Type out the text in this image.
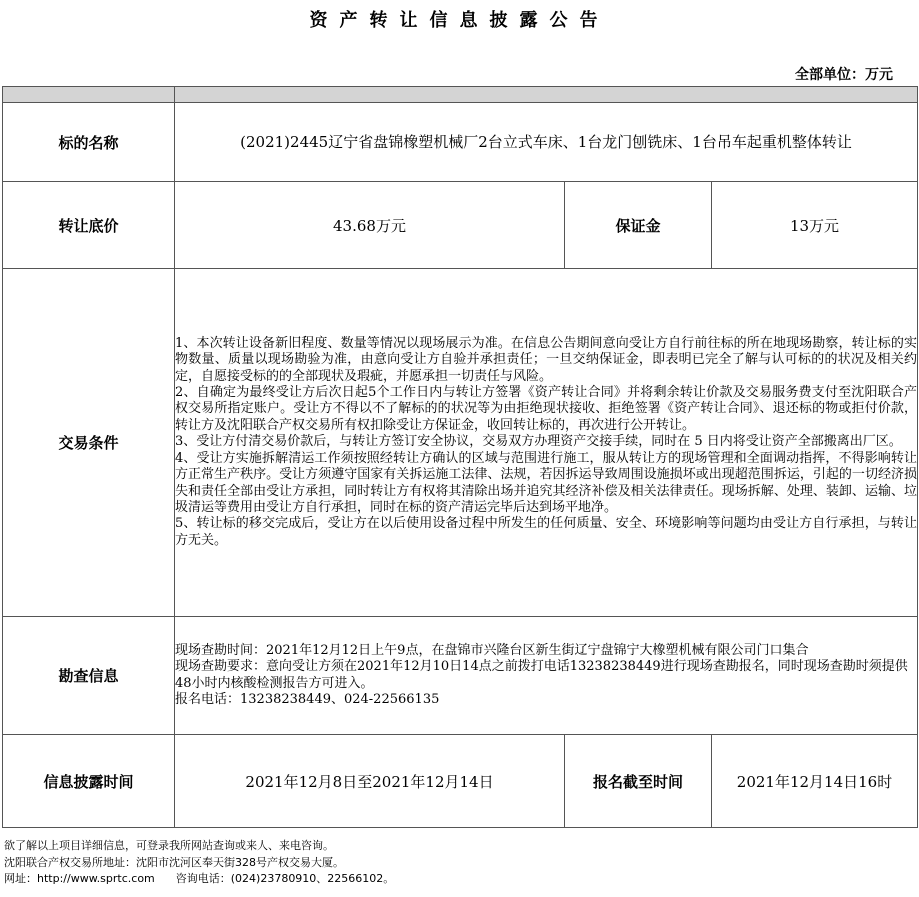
资产转让信息披露公告
全部单位：万元

标的名称	(2021)2445辽宁省盘锦橡塑机械厂2台立式车床、1台龙门刨铣床、1台吊车起重机整体转让		
转让底价	43.68万元	保证金	13万元
交易条件	1、本次转让设备新旧程度、数量等情况以现场展示为准。在信息公告期间意向受让方自行前往标的所在地现场勘察，转让标的实物数量、质量以现场勘验为准，由意向受让方自验并承担责任；一旦交纳保证金，即表明已完全了解与认可标的的状况及相关约定，自愿接受标的的全部现状及瑕疵，并愿承担一切责任与风险。

2、自确定为最终受让方后次日起5个工作日内与转让方签署《资产转让合同》并将剩余转让价款及交易服务费支付至沈阳联合产权交易所指定账户。受让方不得以不了解标的的状况等为由拒绝现状接收、拒绝签署《资产转让合同》、退还标的物或拒付价款，转让方及沈阳联合产权交易所有权扣除受让方保证金，收回转让标的，再次进行公开转让。

3、受让方付清交易价款后，与转让方签订安全协议，交易双方办理资产交接手续，同时在 5 日内将受让资产全部搬离出厂区。

4、受让方实施拆解清运工作须按照经转让方确认的区域与范围进行施工，服从转让方的现场管理和全面调动指挥，不得影响转让方正常生产秩序。受让方须遵守国家有关拆运施工法律、法规，若因拆运导致周围设施损坏或出现超范围拆运，引起的一切经济损失和责任全部由受让方承担，同时转让方有权将其清除出场并追究其经济补偿及相关法律责任。现场拆解、处理、装卸、运输、垃圾清运等费用由受让方自行承担，同时在标的资产清运完毕后达到场平地净。

5、转让标的移交完成后，受让方在以后使用设备过程中所发生的任何质量、安全、环境影响等问题均由受让方自行承担，与转让方无关。		

勘查信息	现场查勘时间：2021年12月12日上午9点，在盘锦市兴隆台区新生街辽宁盘锦宁大橡塑机械有限公司门口集合

现场查勘要求：意向受让方须在2021年12月10日14点之前拨打电话13238238449进行现场查勘报名，同时现场查勘时须提供48小时内核酸检测报告方可进入。

报名电话：13238238449、024-22566135		

信息披露时间	2021年12月8日至2021年12月14日	报名截至时间	2021年12月14日16时

欲了解以上项目详细信息，可登录我所网站查询或来人、来电咨询。

沈阳联合产权交易所地址：沈阳市沈河区奉天街328号产权交易大厦。

网址：http://www.sprtc.com      咨询电话：(024)23780910、22566102。
